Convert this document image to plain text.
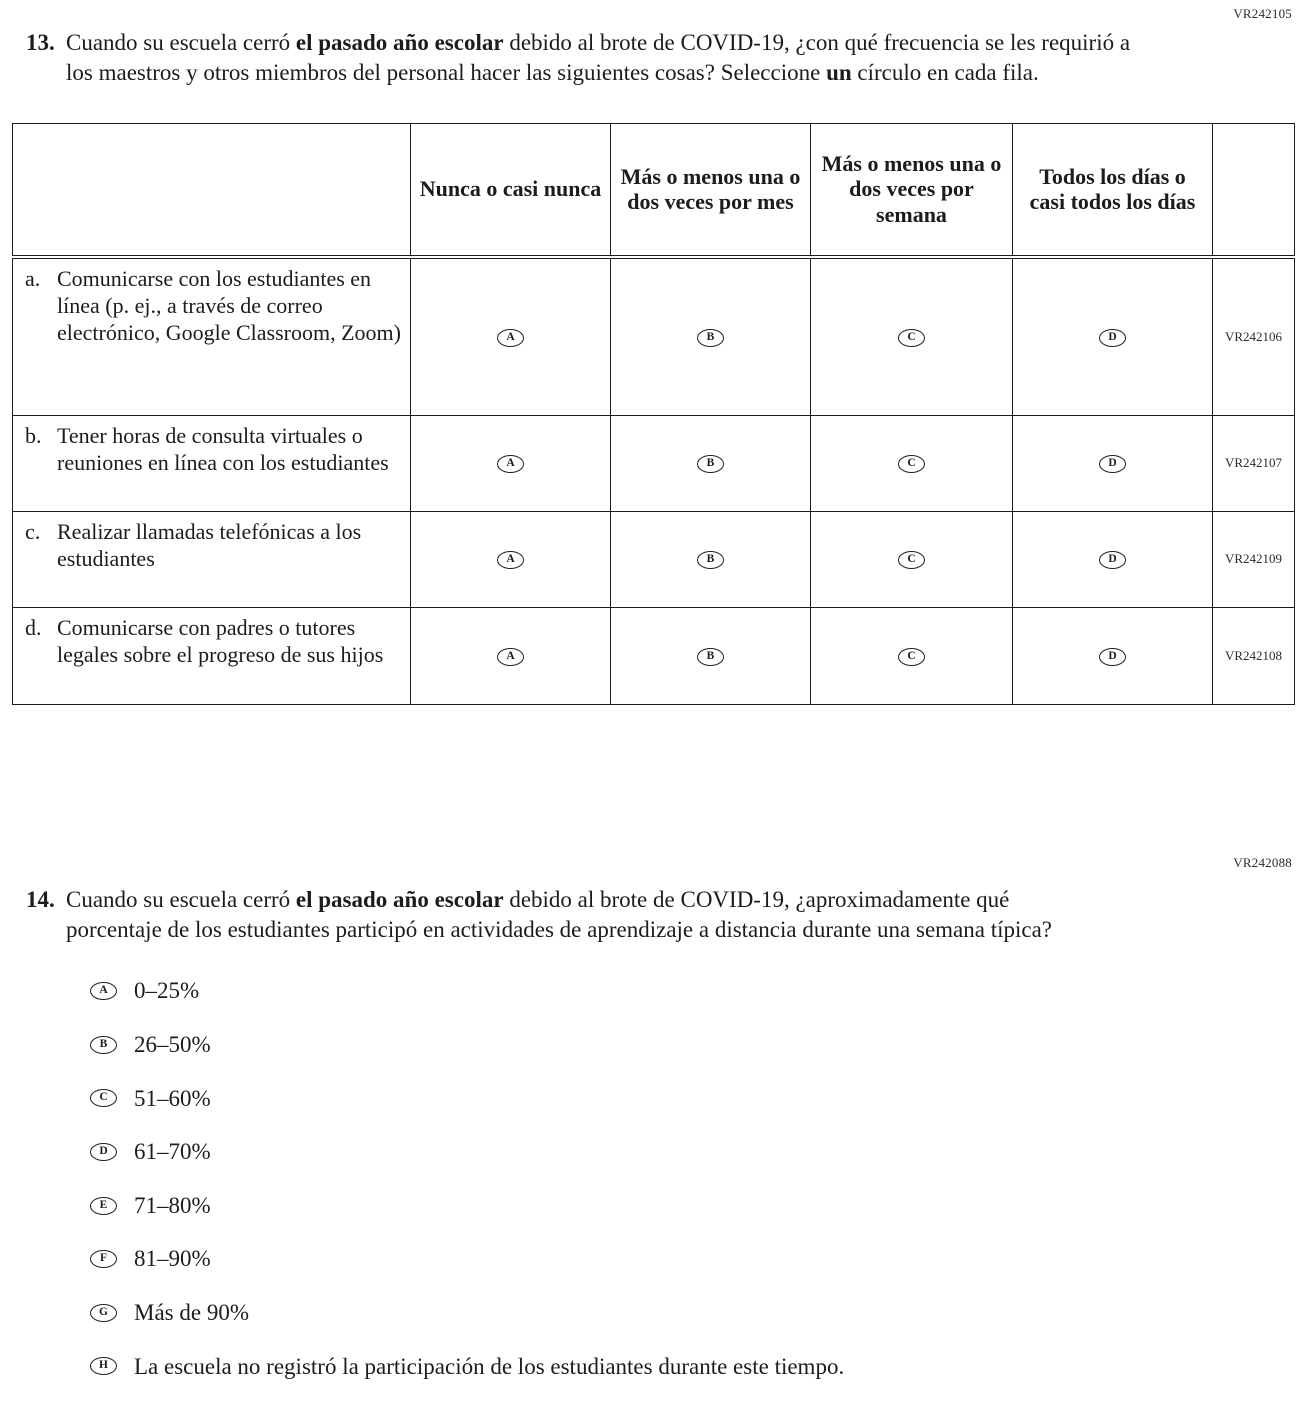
VR242105
13. Cuando su escuela cerró el pasado año escolar debido al brote de COVID-19, ¿con qué frecuencia se les requirió a los maestros y otros miembros del personal hacer las siguientes cosas? Seleccione un círculo en cada fila.
	Nunca o casi nunca	Más o menos una o dos veces por mes	Más o menos una o dos veces por semana	Todos los días o casi todos los días	

a. Comunicarse con los estudiantes en línea (p. ej., a través de correo electrónico, Google Classroom, Zoom)	A	B	C	D	VR242106

b. Tener horas de consulta virtuales o reuniones en línea con los estudiantes	A	B	C	D	VR242107

c. Realizar llamadas telefónicas a los estudiantes	A	B	C	D	VR242109

d. Comunicarse con padres o tutores legales sobre el progreso de sus hijos	A	B	C	D	VR242108
VR242088
14. Cuando su escuela cerró el pasado año escolar debido al brote de COVID-19, ¿aproximadamente qué porcentaje de los estudiantes participó en actividades de aprendizaje a distancia durante una semana típica?
A	0–25%
B	26–50%
C	51–60%
D	61–70%
E	71–80%
F	81–90%
G	Más de 90%
H	La escuela no registró la participación de los estudiantes durante este tiempo.
